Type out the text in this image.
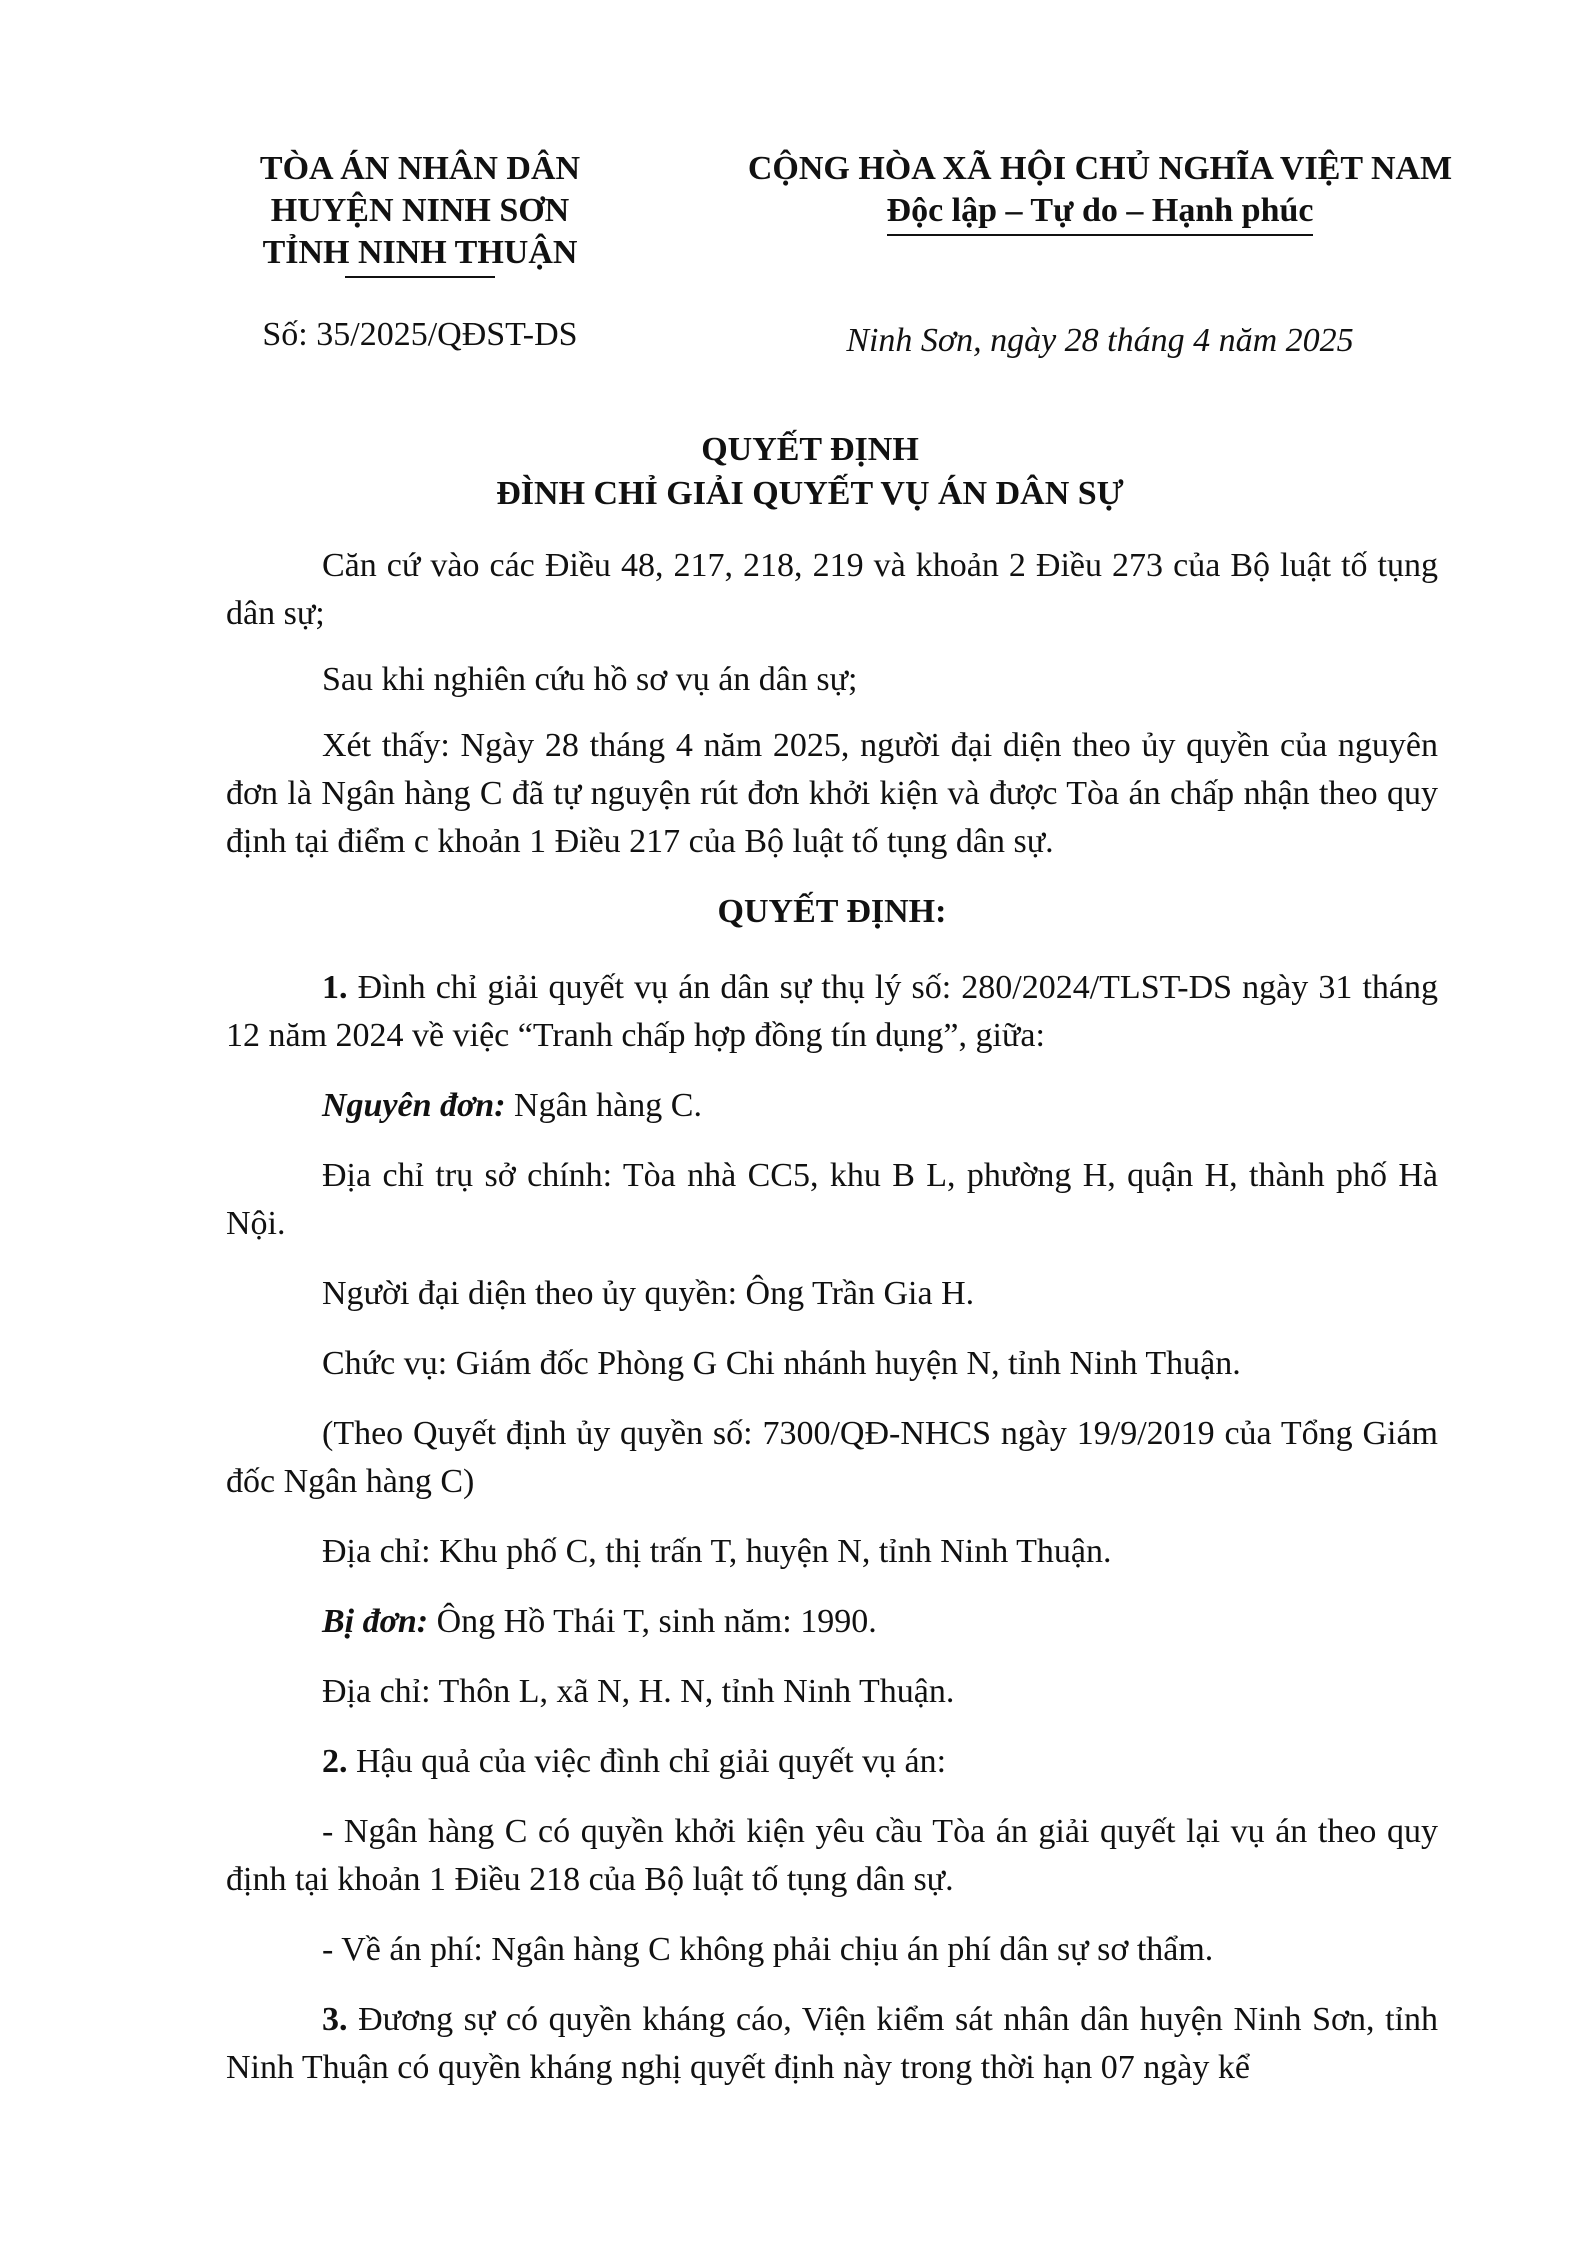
TÒA ÁN NHÂN DÂN
HUYỆN NINH SƠN
TỈNH NINH THUẬN
CỘNG HÒA XÃ HỘI CHỦ NGHĨA VIỆT NAM
Độc lập – Tự do – Hạnh phúc
Số: 35/2025/QĐST-DS	Ninh Sơn, ngày 28 tháng 4 năm 2025
QUYẾT ĐỊNH
ĐÌNH CHỈ GIẢI QUYẾT VỤ ÁN DÂN SỰ

Căn cứ vào các Điều 48, 217, 218, 219 và khoản 2 Điều 273 của Bộ luật tố tụng dân sự;

Sau khi nghiên cứu hồ sơ vụ án dân sự;

Xét thấy: Ngày 28 tháng 4 năm 2025, người đại diện theo ủy quyền của nguyên đơn là Ngân hàng C đã tự nguyện rút đơn khởi kiện và được Tòa án chấp nhận theo quy định tại điểm c khoản 1 Điều 217 của Bộ luật tố tụng dân sự.

QUYẾT ĐỊNH:

1. Đình chỉ giải quyết vụ án dân sự thụ lý số: 280/2024/TLST-DS ngày 31 tháng 12 năm 2024 về việc “Tranh chấp hợp đồng tín dụng”, giữa:

Nguyên đơn: Ngân hàng C.

Địa chỉ trụ sở chính: Tòa nhà CC5, khu B L, phường H, quận H, thành phố Hà Nội.

Người đại diện theo ủy quyền: Ông Trần Gia H.

Chức vụ: Giám đốc Phòng G Chi nhánh huyện N, tỉnh Ninh Thuận.

(Theo Quyết định ủy quyền số: 7300/QĐ-NHCS ngày 19/9/2019 của Tổng Giám đốc Ngân hàng C)

Địa chỉ: Khu phố C, thị trấn T, huyện N, tỉnh Ninh Thuận.

Bị đơn: Ông Hồ Thái T, sinh năm: 1990.

Địa chỉ: Thôn L, xã N, H. N, tỉnh Ninh Thuận.

2. Hậu quả của việc đình chỉ giải quyết vụ án:

- Ngân hàng C có quyền khởi kiện yêu cầu Tòa án giải quyết lại vụ án theo quy định tại khoản 1 Điều 218 của Bộ luật tố tụng dân sự.

- Về án phí: Ngân hàng C không phải chịu án phí dân sự sơ thẩm.

3. Đương sự có quyền kháng cáo, Viện kiểm sát nhân dân huyện Ninh Sơn, tỉnh Ninh Thuận có quyền kháng nghị quyết định này trong thời hạn 07 ngày kể
